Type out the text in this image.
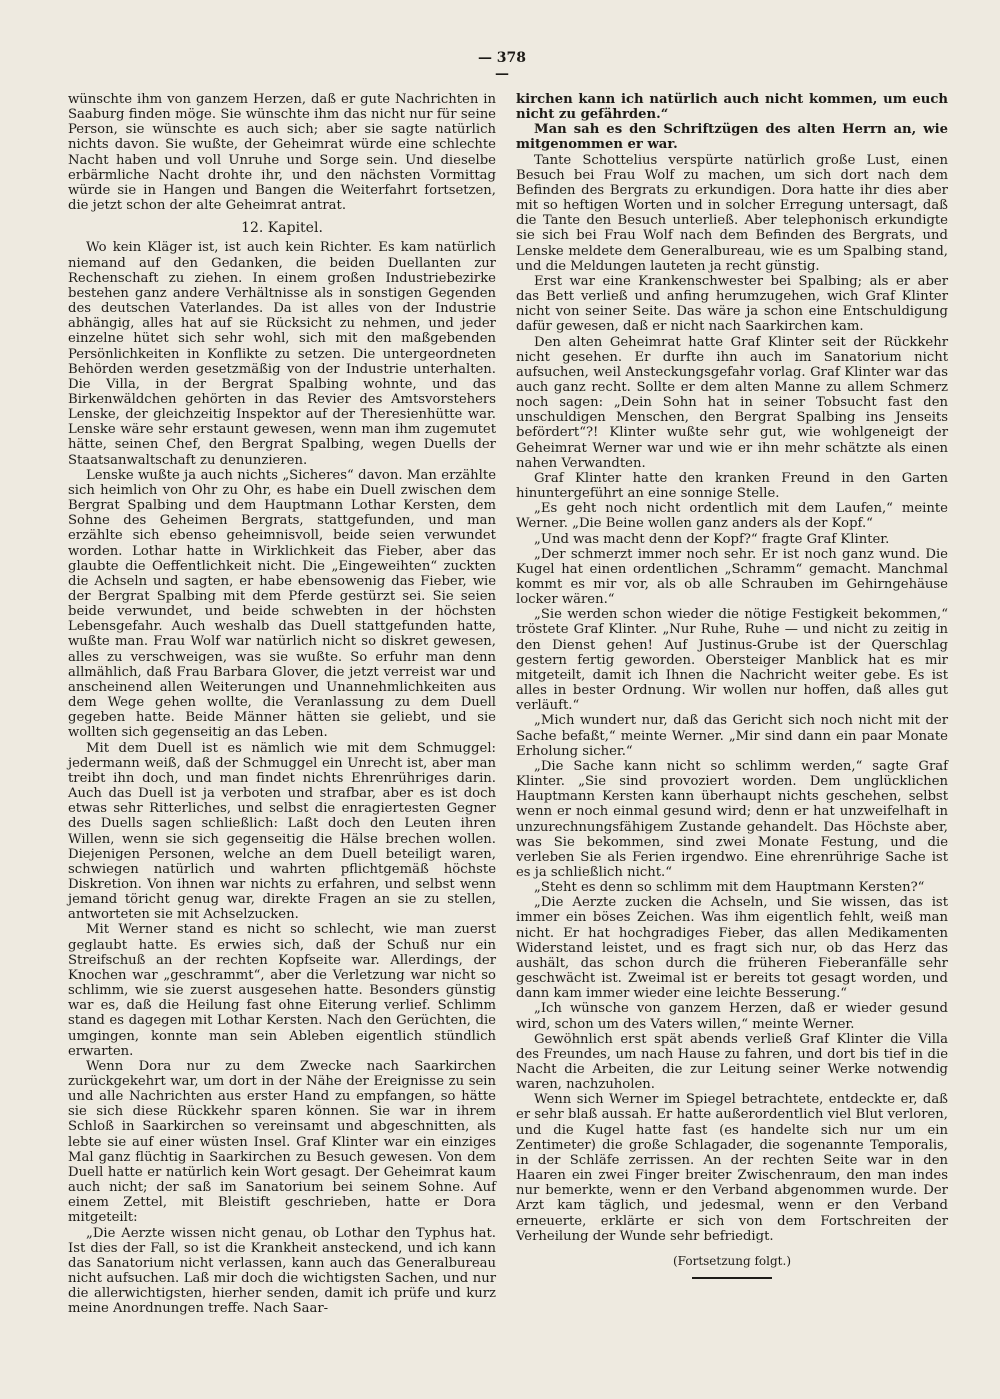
— 378 —

wünschte ihm von ganzem Herzen, daß er gute Nachrichten in Saaburg finden möge. Sie wünschte ihm das nicht nur für seine Person, sie wünschte es auch sich; aber sie sagte natürlich nichts davon. Sie wußte, der Geheimrat würde eine schlechte Nacht haben und voll Unruhe und Sorge sein. Und dieselbe erbärmliche Nacht drohte ihr, und den nächsten Vormittag würde sie in Hangen und Bangen die Weiterfahrt fortsetzen, die jetzt schon der alte Geheimrat antrat.

12. Kapitel.

Wo kein Kläger ist, ist auch kein Richter. Es kam natürlich niemand auf den Gedanken, die beiden Duellanten zur Rechenschaft zu ziehen. In einem großen Industriebezirke bestehen ganz andere Verhältnisse als in sonstigen Gegenden des deutschen Vaterlandes. Da ist alles von der Industrie abhängig, alles hat auf sie Rücksicht zu nehmen, und jeder einzelne hütet sich sehr wohl, sich mit den maßgebenden Persönlichkeiten in Konflikte zu setzen. Die untergeordneten Behörden werden gesetzmäßig von der Industrie unterhalten. Die Villa, in der Bergrat Spalbing wohnte, und das Birkenwäldchen gehörten in das Revier des Amtsvorstehers Lenske, der gleichzeitig Inspektor auf der Theresienhütte war. Lenske wäre sehr erstaunt gewesen, wenn man ihm zugemutet hätte, seinen Chef, den Bergrat Spalbing, wegen Duells der Staatsanwaltschaft zu denunzieren.

Lenske wußte ja auch nichts „Sicheres“ davon. Man erzählte sich heimlich von Ohr zu Ohr, es habe ein Duell zwischen dem Bergrat Spalbing und dem Hauptmann Lothar Kersten, dem Sohne des Geheimen Bergrats, stattgefunden, und man erzählte sich ebenso geheimnisvoll, beide seien verwundet worden. Lothar hatte in Wirklichkeit das Fieber, aber das glaubte die Oeffentlichkeit nicht. Die „Eingeweihten“ zuckten die Achseln und sagten, er habe ebensowenig das Fieber, wie der Bergrat Spalbing mit dem Pferde gestürzt sei. Sie seien beide verwundet, und beide schwebten in der höchsten Lebensgefahr. Auch weshalb das Duell stattgefunden hatte, wußte man. Frau Wolf war natürlich nicht so diskret gewesen, alles zu verschweigen, was sie wußte. So erfuhr man denn allmählich, daß Frau Barbara Glover, die jetzt verreist war und anscheinend allen Weiterungen und Unannehmlichkeiten aus dem Wege gehen wollte, die Veranlassung zu dem Duell gegeben hatte. Beide Männer hätten sie geliebt, und sie wollten sich gegenseitig an das Leben.

Mit dem Duell ist es nämlich wie mit dem Schmuggel: jedermann weiß, daß der Schmuggel ein Unrecht ist, aber man treibt ihn doch, und man findet nichts Ehrenrühriges darin. Auch das Duell ist ja verboten und strafbar, aber es ist doch etwas sehr Ritterliches, und selbst die enragiertesten Gegner des Duells sagen schließlich: Laßt doch den Leuten ihren Willen, wenn sie sich gegenseitig die Hälse brechen wollen. Diejenigen Personen, welche an dem Duell beteiligt waren, schwiegen natürlich und wahrten pflichtgemäß höchste Diskretion. Von ihnen war nichts zu erfahren, und selbst wenn jemand töricht genug war, direkte Fragen an sie zu stellen, antworteten sie mit Achselzucken.

Mit Werner stand es nicht so schlecht, wie man zuerst geglaubt hatte. Es erwies sich, daß der Schuß nur ein Streifschuß an der rechten Kopfseite war. Allerdings, der Knochen war „geschrammt“, aber die Verletzung war nicht so schlimm, wie sie zuerst ausgesehen hatte. Besonders günstig war es, daß die Heilung fast ohne Eiterung verlief. Schlimm stand es dagegen mit Lothar Kersten. Nach den Gerüchten, die umgingen, konnte man sein Ableben eigentlich stündlich erwarten.

Wenn Dora nur zu dem Zwecke nach Saarkirchen zurückgekehrt war, um dort in der Nähe der Ereignisse zu sein und alle Nachrichten aus erster Hand zu empfangen, so hätte sie sich diese Rückkehr sparen können. Sie war in ihrem Schloß in Saarkirchen so vereinsamt und abgeschnitten, als lebte sie auf einer wüsten Insel. Graf Klinter war ein einziges Mal ganz flüchtig in Saarkirchen zu Besuch gewesen. Von dem Duell hatte er natürlich kein Wort gesagt. Der Geheimrat kaum auch nicht; der saß im Sanatorium bei seinem Sohne. Auf einem Zettel, mit Bleistift geschrieben, hatte er Dora mitgeteilt:

„Die Aerzte wissen nicht genau, ob Lothar den Typhus hat. Ist dies der Fall, so ist die Krankheit ansteckend, und ich kann das Sanatorium nicht verlassen, kann auch das Generalbureau nicht aufsuchen. Laß mir doch die wichtigsten Sachen, und nur die allerwichtigsten, hierher senden, damit ich prüfe und kurz meine Anordnungen treffe. Nach Saar-

kirchen kann ich natürlich auch nicht kommen, um euch nicht zu gefährden.“

Man sah es den Schriftzügen des alten Herrn an, wie mitgenommen er war.

Tante Schottelius verspürte natürlich große Lust, einen Besuch bei Frau Wolf zu machen, um sich dort nach dem Befinden des Bergrats zu erkundigen. Dora hatte ihr dies aber mit so heftigen Worten und in solcher Erregung untersagt, daß die Tante den Besuch unterließ. Aber telephonisch erkundigte sie sich bei Frau Wolf nach dem Befinden des Bergrats, und Lenske meldete dem Generalbureau, wie es um Spalbing stand, und die Meldungen lauteten ja recht günstig.

Erst war eine Krankenschwester bei Spalbing; als er aber das Bett verließ und anfing herumzugehen, wich Graf Klinter nicht von seiner Seite. Das wäre ja schon eine Entschuldigung dafür gewesen, daß er nicht nach Saarkirchen kam.

Den alten Geheimrat hatte Graf Klinter seit der Rückkehr nicht gesehen. Er durfte ihn auch im Sanatorium nicht aufsuchen, weil Ansteckungsgefahr vorlag. Graf Klinter war das auch ganz recht. Sollte er dem alten Manne zu allem Schmerz noch sagen: „Dein Sohn hat in seiner Tobsucht fast den unschuldigen Menschen, den Bergrat Spalbing ins Jenseits befördert“?! Klinter wußte sehr gut, wie wohlgeneigt der Geheimrat Werner war und wie er ihn mehr schätzte als einen nahen Verwandten.

Graf Klinter hatte den kranken Freund in den Garten hinuntergeführt an eine sonnige Stelle.

„Es geht noch nicht ordentlich mit dem Laufen,“ meinte Werner. „Die Beine wollen ganz anders als der Kopf.“

„Und was macht denn der Kopf?“ fragte Graf Klinter.

„Der schmerzt immer noch sehr. Er ist noch ganz wund. Die Kugel hat einen ordentlichen „Schramm“ gemacht. Manchmal kommt es mir vor, als ob alle Schrauben im Gehirngehäuse locker wären.“

„Sie werden schon wieder die nötige Festigkeit bekommen,“ tröstete Graf Klinter. „Nur Ruhe, Ruhe — und nicht zu zeitig in den Dienst gehen! Auf Justinus-Grube ist der Querschlag gestern fertig geworden. Obersteiger Manblick hat es mir mitgeteilt, damit ich Ihnen die Nachricht weiter gebe. Es ist alles in bester Ordnung. Wir wollen nur hoffen, daß alles gut verläuft.“

„Mich wundert nur, daß das Gericht sich noch nicht mit der Sache befaßt,“ meinte Werner. „Mir sind dann ein paar Monate Erholung sicher.“

„Die Sache kann nicht so schlimm werden,“ sagte Graf Klinter. „Sie sind provoziert worden. Dem unglücklichen Hauptmann Kersten kann überhaupt nichts geschehen, selbst wenn er noch einmal gesund wird; denn er hat unzweifelhaft in unzurechnungsfähigem Zustande gehandelt. Das Höchste aber, was Sie bekommen, sind zwei Monate Festung, und die verleben Sie als Ferien irgendwo. Eine ehrenrührige Sache ist es ja schließlich nicht.“

„Steht es denn so schlimm mit dem Hauptmann Kersten?“

„Die Aerzte zucken die Achseln, und Sie wissen, das ist immer ein böses Zeichen. Was ihm eigentlich fehlt, weiß man nicht. Er hat hochgradiges Fieber, das allen Medikamenten Widerstand leistet, und es fragt sich nur, ob das Herz das aushält, das schon durch die früheren Fieberanfälle sehr geschwächt ist. Zweimal ist er bereits tot gesagt worden, und dann kam immer wieder eine leichte Besserung.“

„Ich wünsche von ganzem Herzen, daß er wieder gesund wird, schon um des Vaters willen,“ meinte Werner.

Gewöhnlich erst spät abends verließ Graf Klinter die Villa des Freundes, um nach Hause zu fahren, und dort bis tief in die Nacht die Arbeiten, die zur Leitung seiner Werke notwendig waren, nachzuholen.

Wenn sich Werner im Spiegel betrachtete, entdeckte er, daß er sehr blaß aussah. Er hatte außerordentlich viel Blut verloren, und die Kugel hatte fast (es handelte sich nur um ein Zentimeter) die große Schlagader, die sogenannte Temporalis, in der Schläfe zerrissen. An der rechten Seite war in den Haaren ein zwei Finger breiter Zwischenraum, den man indes nur bemerkte, wenn er den Verband abgenommen wurde. Der Arzt kam täglich, und jedesmal, wenn er den Verband erneuerte, erklärte er sich von dem Fortschreiten der Verheilung der Wunde sehr befriedigt.

(Fortsetzung folgt.)
